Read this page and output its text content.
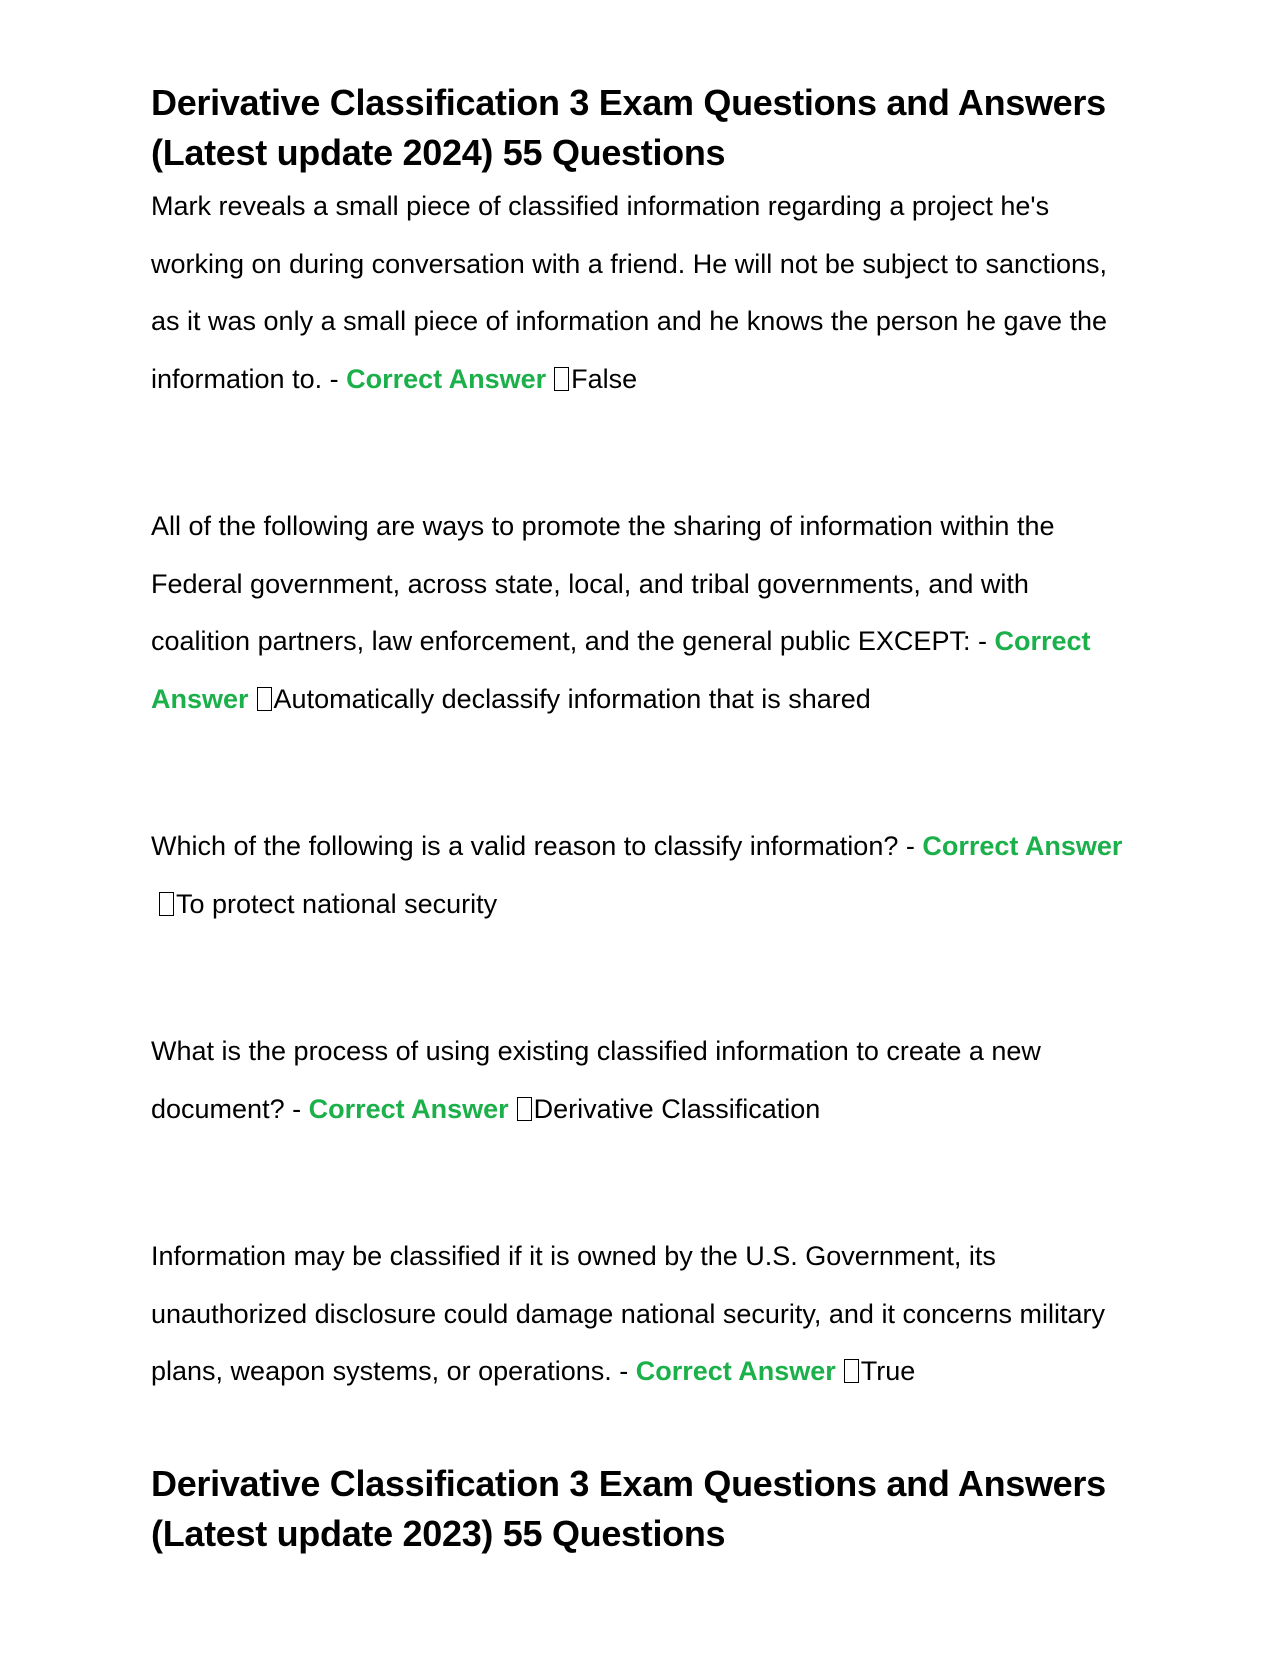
Derivative Classification 3 Exam Questions and Answers (Latest update 2024) 55 Questions

Mark reveals a small piece of classified information regarding a project he's working on during conversation with a friend. He will not be subject to sanctions, as it was only a small piece of information and he knows the person he gave the information to. - Correct Answer False

All of the following are ways to promote the sharing of information within the Federal government, across state, local, and tribal governments, and with coalition partners, law enforcement, and the general public EXCEPT: - Correct Answer Automatically declassify information that is shared

Which of the following is a valid reason to classify information? - Correct AnswerTo protect national security

What is the process of using existing classified information to create a new document? - Correct Answer Derivative Classification

Information may be classified if it is owned by the U.S. Government, its unauthorized disclosure could damage national security, and it concerns military plans, weapon systems, or operations. - Correct Answer True

Derivative Classification 3 Exam Questions and Answers (Latest update 2023) 55 Questions
